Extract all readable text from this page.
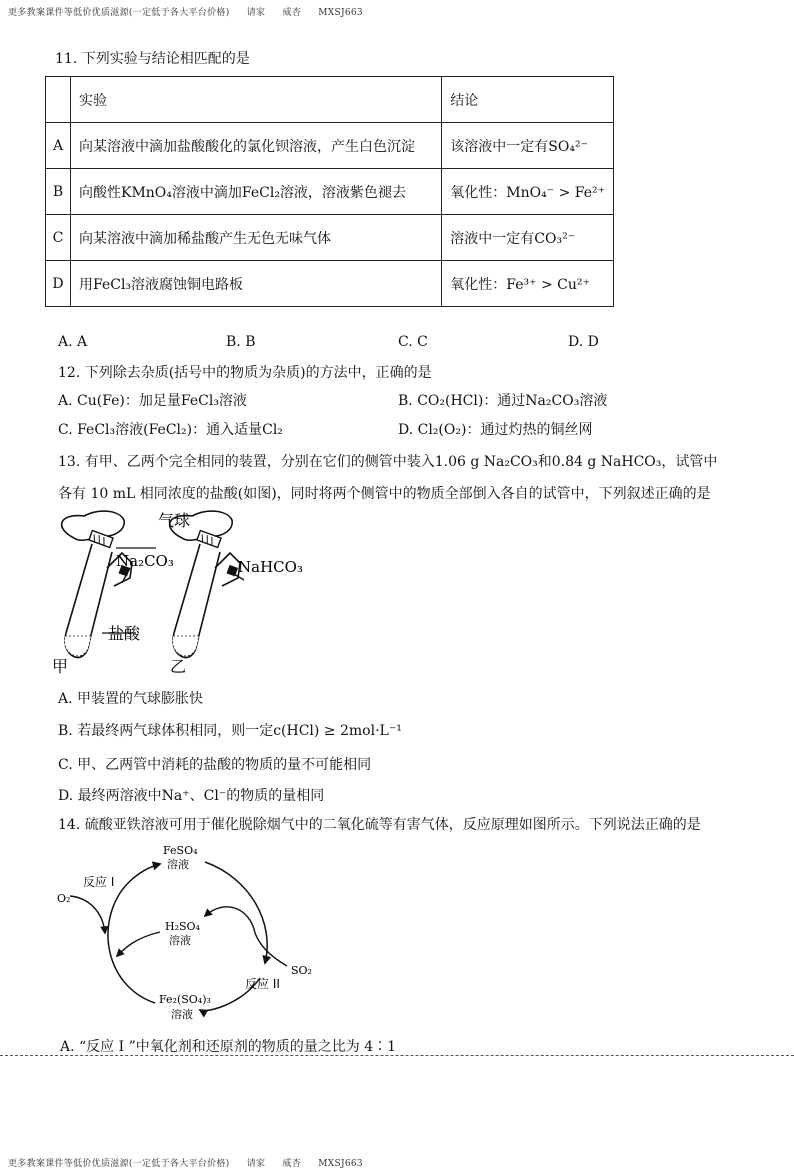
更多教案课件等低价优质滋源(一定低于各大平台价格) 请家 威杏 MXSJ663
11. 下列实验与结论相匹配的是
	实验	结论
A	向某溶液中滴加盐酸酸化的氯化钡溶液，产生白色沉淀	该溶液中一定有SO₄²⁻
B	向酸性KMnO₄溶液中滴加FeCl₂溶液，溶液紫色褪去	氧化性：MnO₄⁻ > Fe²⁺
C	向某溶液中滴加稀盐酸产生无色无味气体	溶液中一定有CO₃²⁻
D	用FeCl₃溶液腐蚀铜电路板	氧化性：Fe³⁺ > Cu²⁺
A. A	B. B	C. C	D. D
12. 下列除去杂质(括号中的物质为杂质)的方法中，正确的是
A. Cu(Fe)：加足量FeCl₃溶液	B. CO₂(HCl)：通过Na₂CO₃溶液
C. FeCl₃溶液(FeCl₂)：通入适量Cl₂	D. Cl₂(O₂)：通过灼热的铜丝网
13. 有甲、乙两个完全相同的装置，分别在它们的侧管中装入1.06 g Na₂CO₃和0.84 g NaHCO₃，试管中
各有 10 mL 相同浓度的盐酸(如图)，同时将两个侧管中的物质全部倒入各自的试管中，下列叙述正确的是
气球
Na₂CO₃	NaHCO₃
盐酸
甲	乙
A. 甲装置的气球膨胀快
B. 若最终两气球体积相同，则一定c(HCl) ≥ 2mol·L⁻¹
C. 甲、乙两管中消耗的盐酸的物质的量不可能相同
D. 最终两溶液中Na⁺、Cl⁻的物质的量相同
14. 硫酸亚铁溶液可用于催化脱除烟气中的二氧化硫等有害气体，反应原理如图所示。下列说法正确的是
FeSO₄
溶液
H₂SO₄
溶液
Fe₂(SO₄)₃
溶液
反应 I
反应 II
O₂
SO₂
A. “反应 I ”中氧化剂和还原剂的物质的量之比为 4∶1
更多教案课件等低价优质滋源(一定低于各大平台价格) 请家 威杏 MXSJ663
